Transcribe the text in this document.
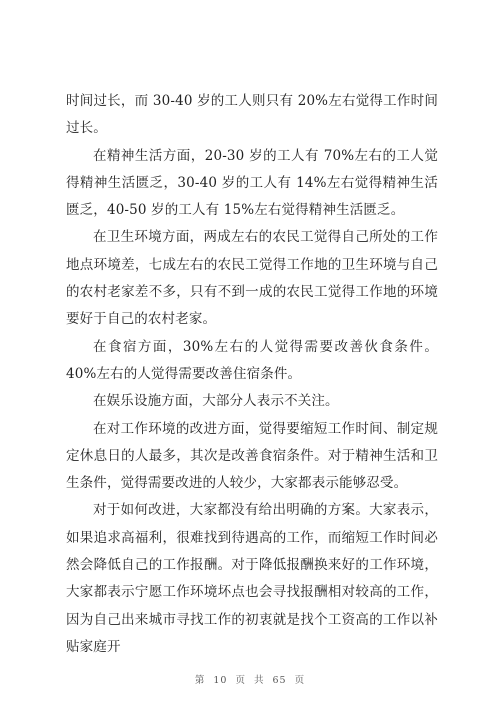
时间过长，而 30-40 岁的工人则只有 20%左右觉得工作时间过长。

在精神生活方面，20-30 岁的工人有 70%左右的工人觉得精神生活匮乏，30-40 岁的工人有 14%左右觉得精神生活匮乏，40-50 岁的工人有 15%左右觉得精神生活匮乏。

在卫生环境方面，两成左右的农民工觉得自己所处的工作地点环境差，七成左右的农民工觉得工作地的卫生环境与自己的农村老家差不多，只有不到一成的农民工觉得工作地的环境要好于自己的农村老家。

在食宿方面，30%左右的人觉得需要改善伙食条件。40%左右的人觉得需要改善住宿条件。

在娱乐设施方面，大部分人表示不关注。

在对工作环境的改进方面，觉得要缩短工作时间、制定规定休息日的人最多，其次是改善食宿条件。对于精神生活和卫生条件，觉得需要改进的人较少，大家都表示能够忍受。

对于如何改进，大家都没有给出明确的方案。大家表示，如果追求高福利，很难找到待遇高的工作，而缩短工作时间必然会降低自己的工作报酬。对于降低报酬换来好的工作环境，大家都表示宁愿工作环境坏点也会寻找报酬相对较高的工作，因为自己出来城市寻找工作的初衷就是找个工资高的工作以补贴家庭开

第 10 页 共 65 页
